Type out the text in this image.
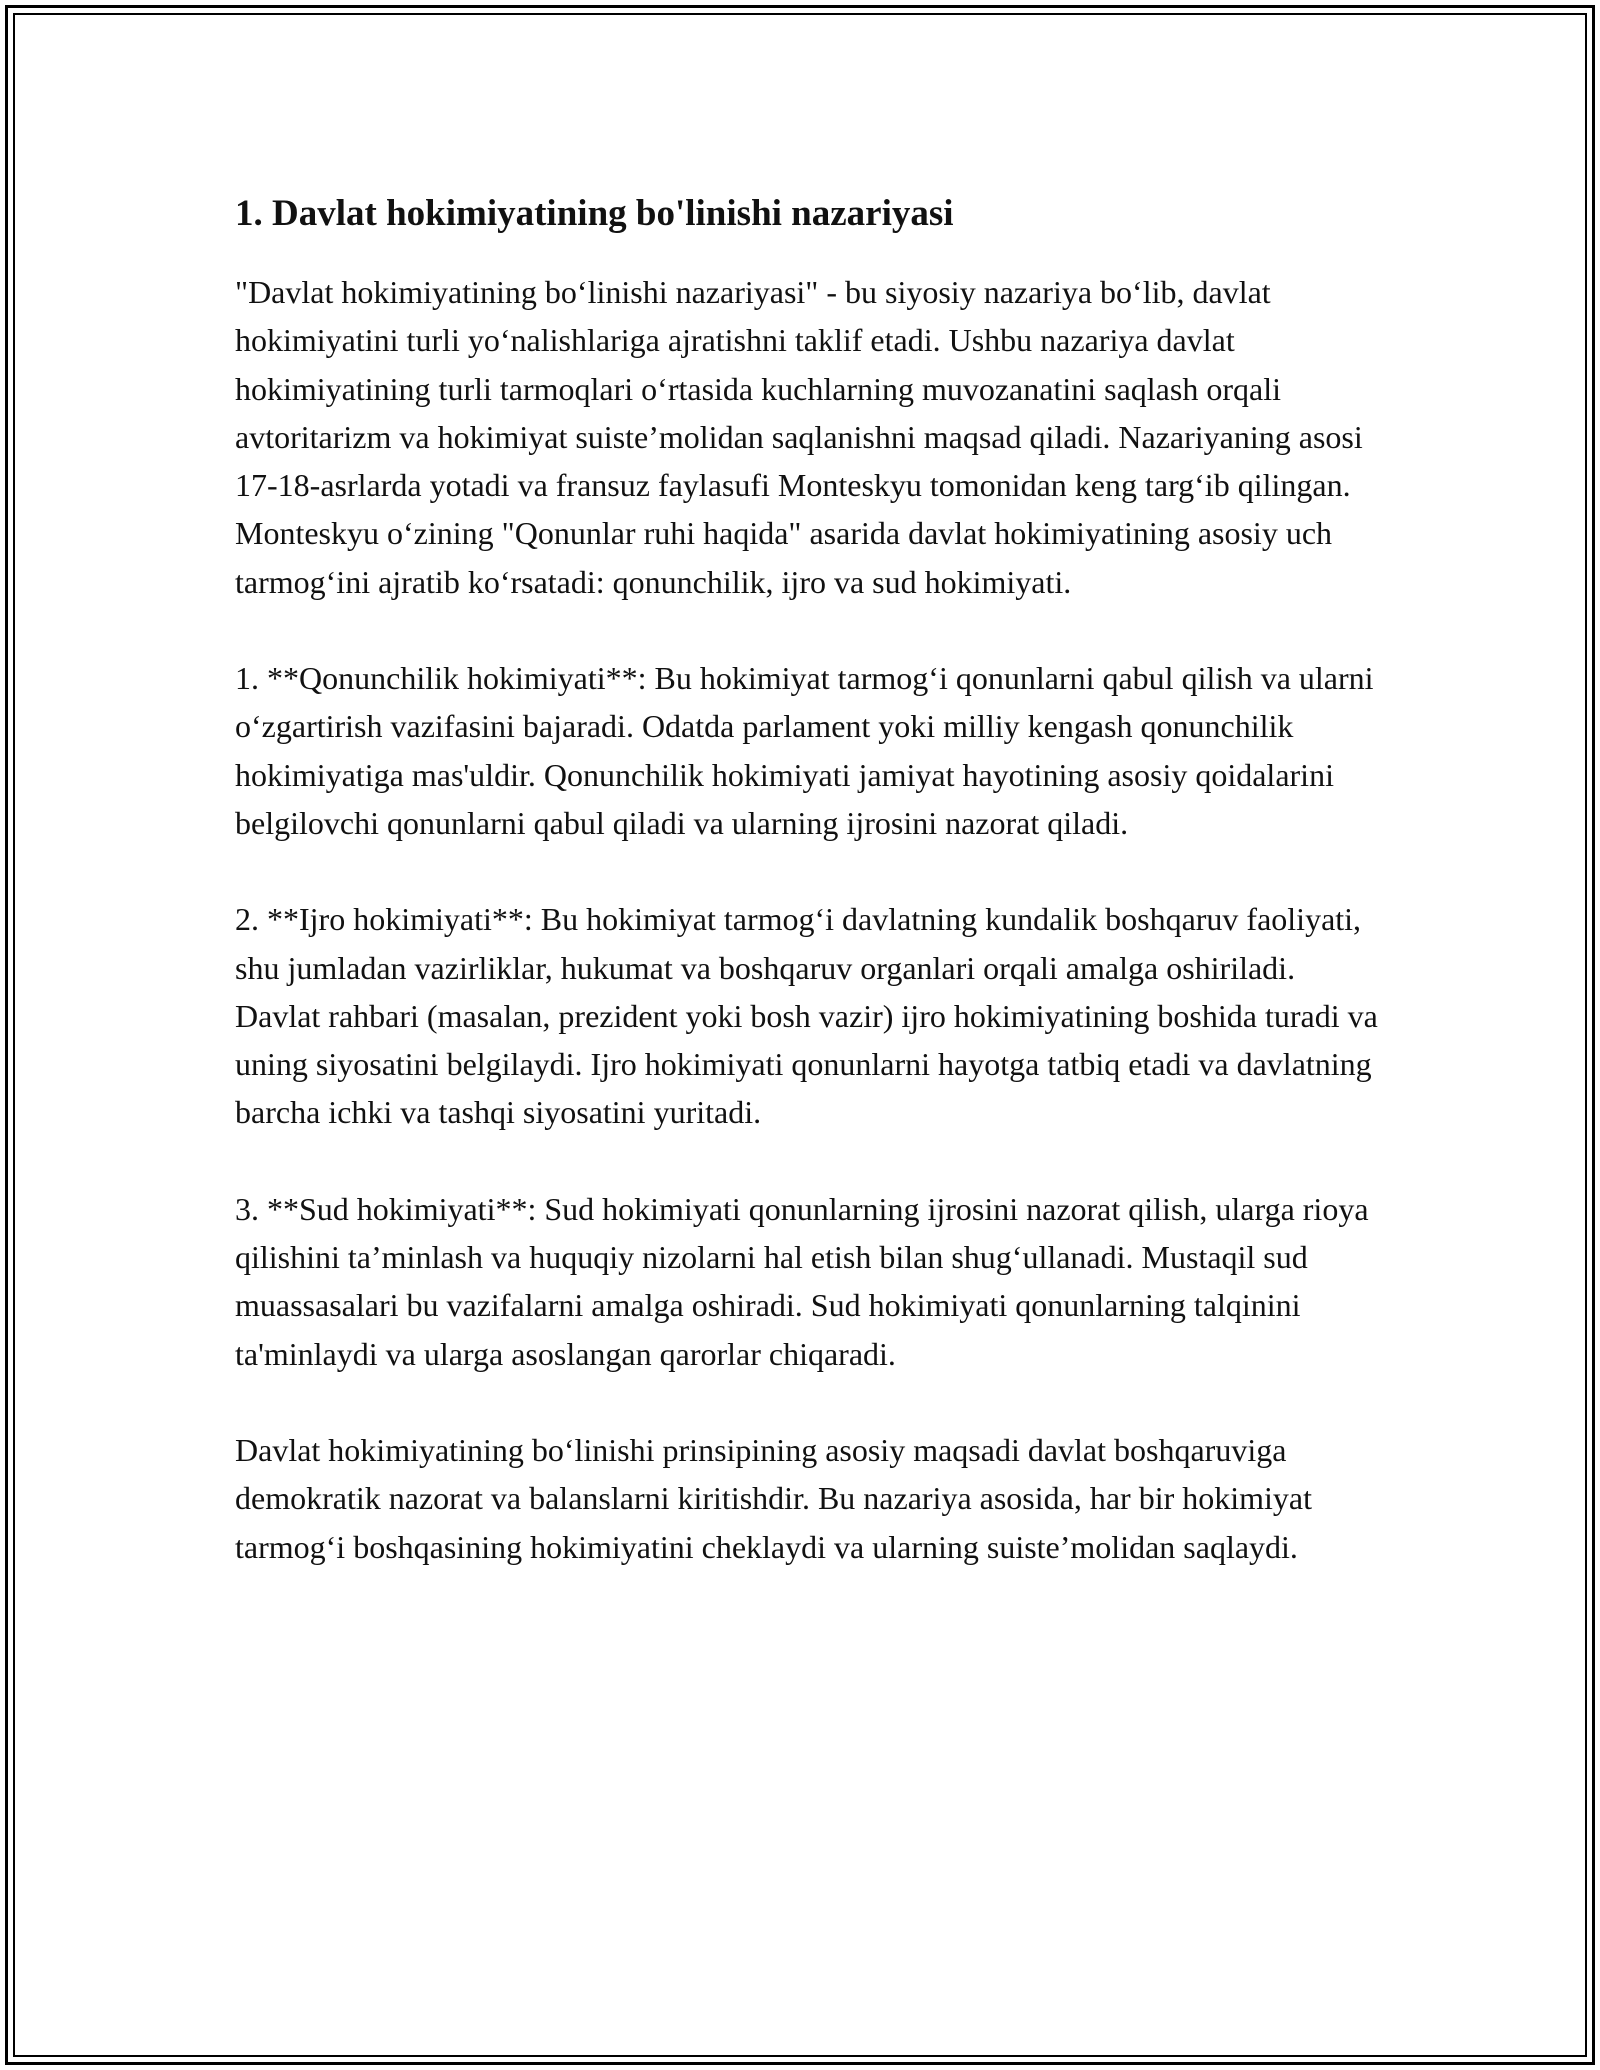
1. Davlat hokimiyatining bo'linishi nazariyasi

"Davlat hokimiyatining bo‘linishi nazariyasi" - bu siyosiy nazariya bo‘lib, davlat hokimiyatini turli yo‘nalishlariga ajratishni taklif etadi. Ushbu nazariya davlat hokimiyatining turli tarmoqlari o‘rtasida kuchlarning muvozanatini saqlash orqali avtoritarizm va hokimiyat suiste’molidan saqlanishni maqsad qiladi. Nazariyaning asosi 17-18-asrlarda yotadi va fransuz faylasufi Monteskyu tomonidan keng targ‘ib qilingan. Monteskyu o‘zining "Qonunlar ruhi haqida" asarida davlat hokimiyatining asosiy uch tarmog‘ini ajratib ko‘rsatadi: qonunchilik, ijro va sud hokimiyati.

1. **Qonunchilik hokimiyati**: Bu hokimiyat tarmog‘i qonunlarni qabul qilish va ularni o‘zgartirish vazifasini bajaradi. Odatda parlament yoki milliy kengash qonunchilik hokimiyatiga mas'uldir. Qonunchilik hokimiyati jamiyat hayotining asosiy qoidalarini belgilovchi qonunlarni qabul qiladi va ularning ijrosini nazorat qiladi.

2. **Ijro hokimiyati**: Bu hokimiyat tarmog‘i davlatning kundalik boshqaruv faoliyati, shu jumladan vazirliklar, hukumat va boshqaruv organlari orqali amalga oshiriladi. Davlat rahbari (masalan, prezident yoki bosh vazir) ijro hokimiyatining boshida turadi va uning siyosatini belgilaydi. Ijro hokimiyati qonunlarni hayotga tatbiq etadi va davlatning barcha ichki va tashqi siyosatini yuritadi.

3. **Sud hokimiyati**: Sud hokimiyati qonunlarning ijrosini nazorat qilish, ularga rioya qilishini ta’minlash va huquqiy nizolarni hal etish bilan shug‘ullanadi. Mustaqil sud muassasalari bu vazifalarni amalga oshiradi. Sud hokimiyati qonunlarning talqinini ta'minlaydi va ularga asoslangan qarorlar chiqaradi.

Davlat hokimiyatining bo‘linishi prinsipining asosiy maqsadi davlat boshqaruviga demokratik nazorat va balanslarni kiritishdir. Bu nazariya asosida, har bir hokimiyat tarmog‘i boshqasining hokimiyatini cheklaydi va ularning suiste’molidan saqlaydi.
